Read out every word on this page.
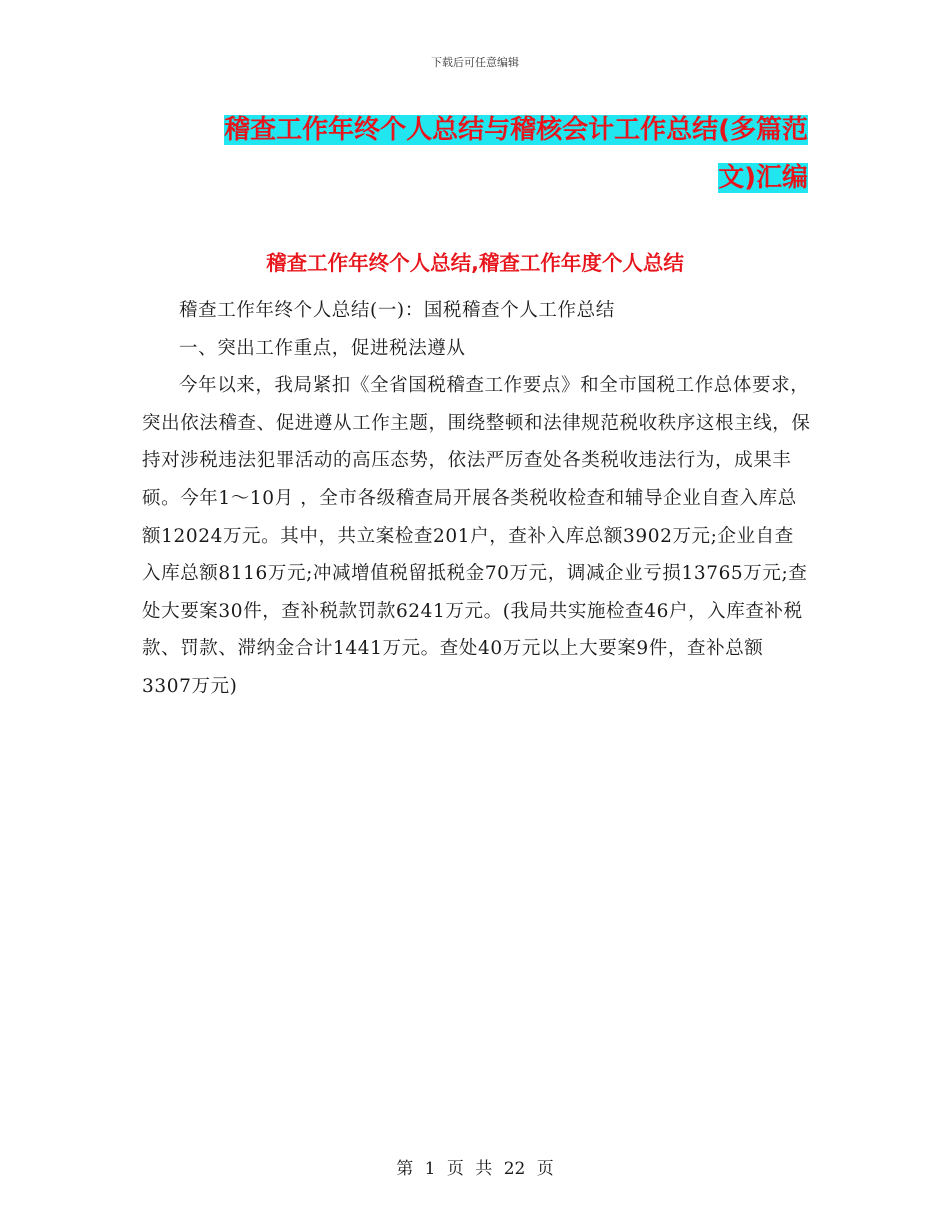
下载后可任意编辑
稽查工作年终个人总结与稽核会计工作总结(多篇范
文)汇编
稽查工作年终个人总结,稽查工作年度个人总结

稽查工作年终个人总结(一)：国税稽查个人工作总结

一、突出工作重点，促进税法遵从

今年以来，我局紧扣《全省国税稽查工作要点》和全市国税工作总体要求，突出依法稽查、促进遵从工作主题，围绕整顿和法律规范税收秩序这根主线，保持对涉税违法犯罪活动的高压态势，依法严厉查处各类税收违法行为，成果丰硕。今年1～10月 ，全市各级稽查局开展各类税收检查和辅导企业自查入库总额12024万元。其中，共立案检查201户，查补入库总额3902万元;企业自查入库总额8116万元;冲减增值税留抵税金70万元，调减企业亏损13765万元;查处大要案30件，查补税款罚款6241万元。(我局共实施检查46户，入库查补税款、罚款、滞纳金合计1441万元。查处40万元以上大要案9件，查补总额3307万元)

第 1 页 共 22 页
